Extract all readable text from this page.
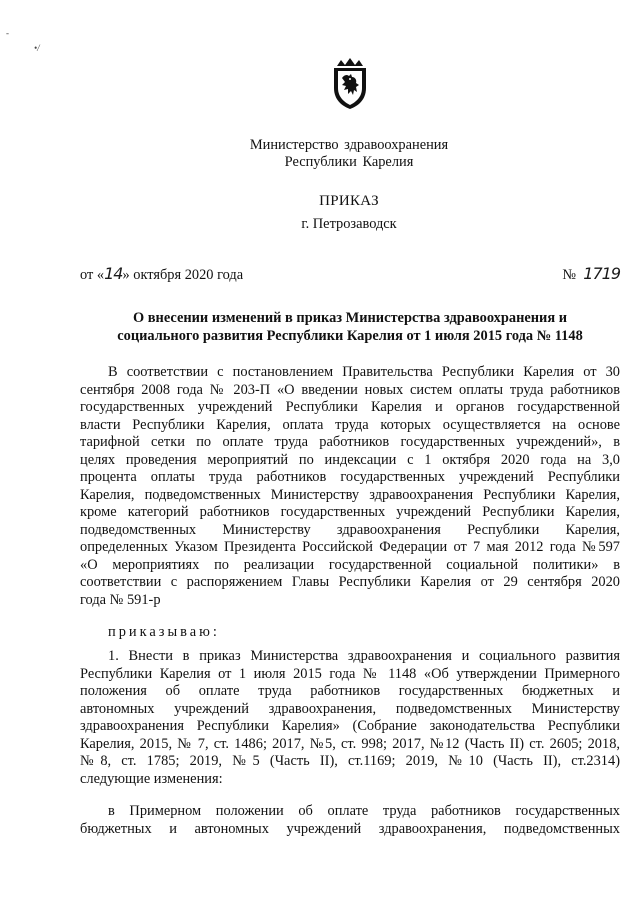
-
•/
Министерство здравоохранения
Республики Карелия
ПРИКАЗ
г. Петрозаводск
от «14» октября 2020 года	№ 1719
О внесении изменений в приказ Министерства здравоохранения и
социального развития Республики Карелия от 1 июля 2015 года № 1148
В соответствии с постановлением Правительства Республики Карелия от 30
сентября 2008 года № 203-П «О введении новых систем оплаты труда работников
государственных учреждений Республики Карелия и органов государственной
власти Республики Карелия, оплата труда которых осуществляется на основе
тарифной сетки по оплате труда работников государственных учреждений», в
целях проведения мероприятий по индексации с 1 октября 2020 года на 3,0
процента оплаты труда работников государственных учреждений Республики
Карелия, подведомственных Министерству здравоохранения Республики Карелия,
кроме категорий работников государственных учреждений Республики Карелия,
подведомственных Министерству здравоохранения Республики Карелия,
определенных Указом Президента Российской Федерации от 7 мая 2012 года №597
«О мероприятиях по реализации государственной социальной политики» в
соответствии с распоряжением Главы Республики Карелия от 29 сентября 2020
года № 591-р
приказываю:
1. Внести в приказ Министерства здравоохранения и социального развития
Республики Карелия от 1 июля 2015 года № 1148 «Об утверждении Примерного
положения об оплате труда работников государственных бюджетных и
автономных учреждений здравоохранения, подведомственных Министерству
здравоохранения Республики Карелия» (Собрание законодательства Республики
Карелия, 2015, № 7, ст. 1486; 2017, №5, ст. 998; 2017, №12 (Часть II) ст. 2605; 2018,
№8, ст. 1785; 2019, №5 (Часть II), ст.1169; 2019, №10 (Часть II), ст.2314)
следующие изменения:
в Примерном положении об оплате труда работников государственных
бюджетных и автономных учреждений здравоохранения, подведомственных
